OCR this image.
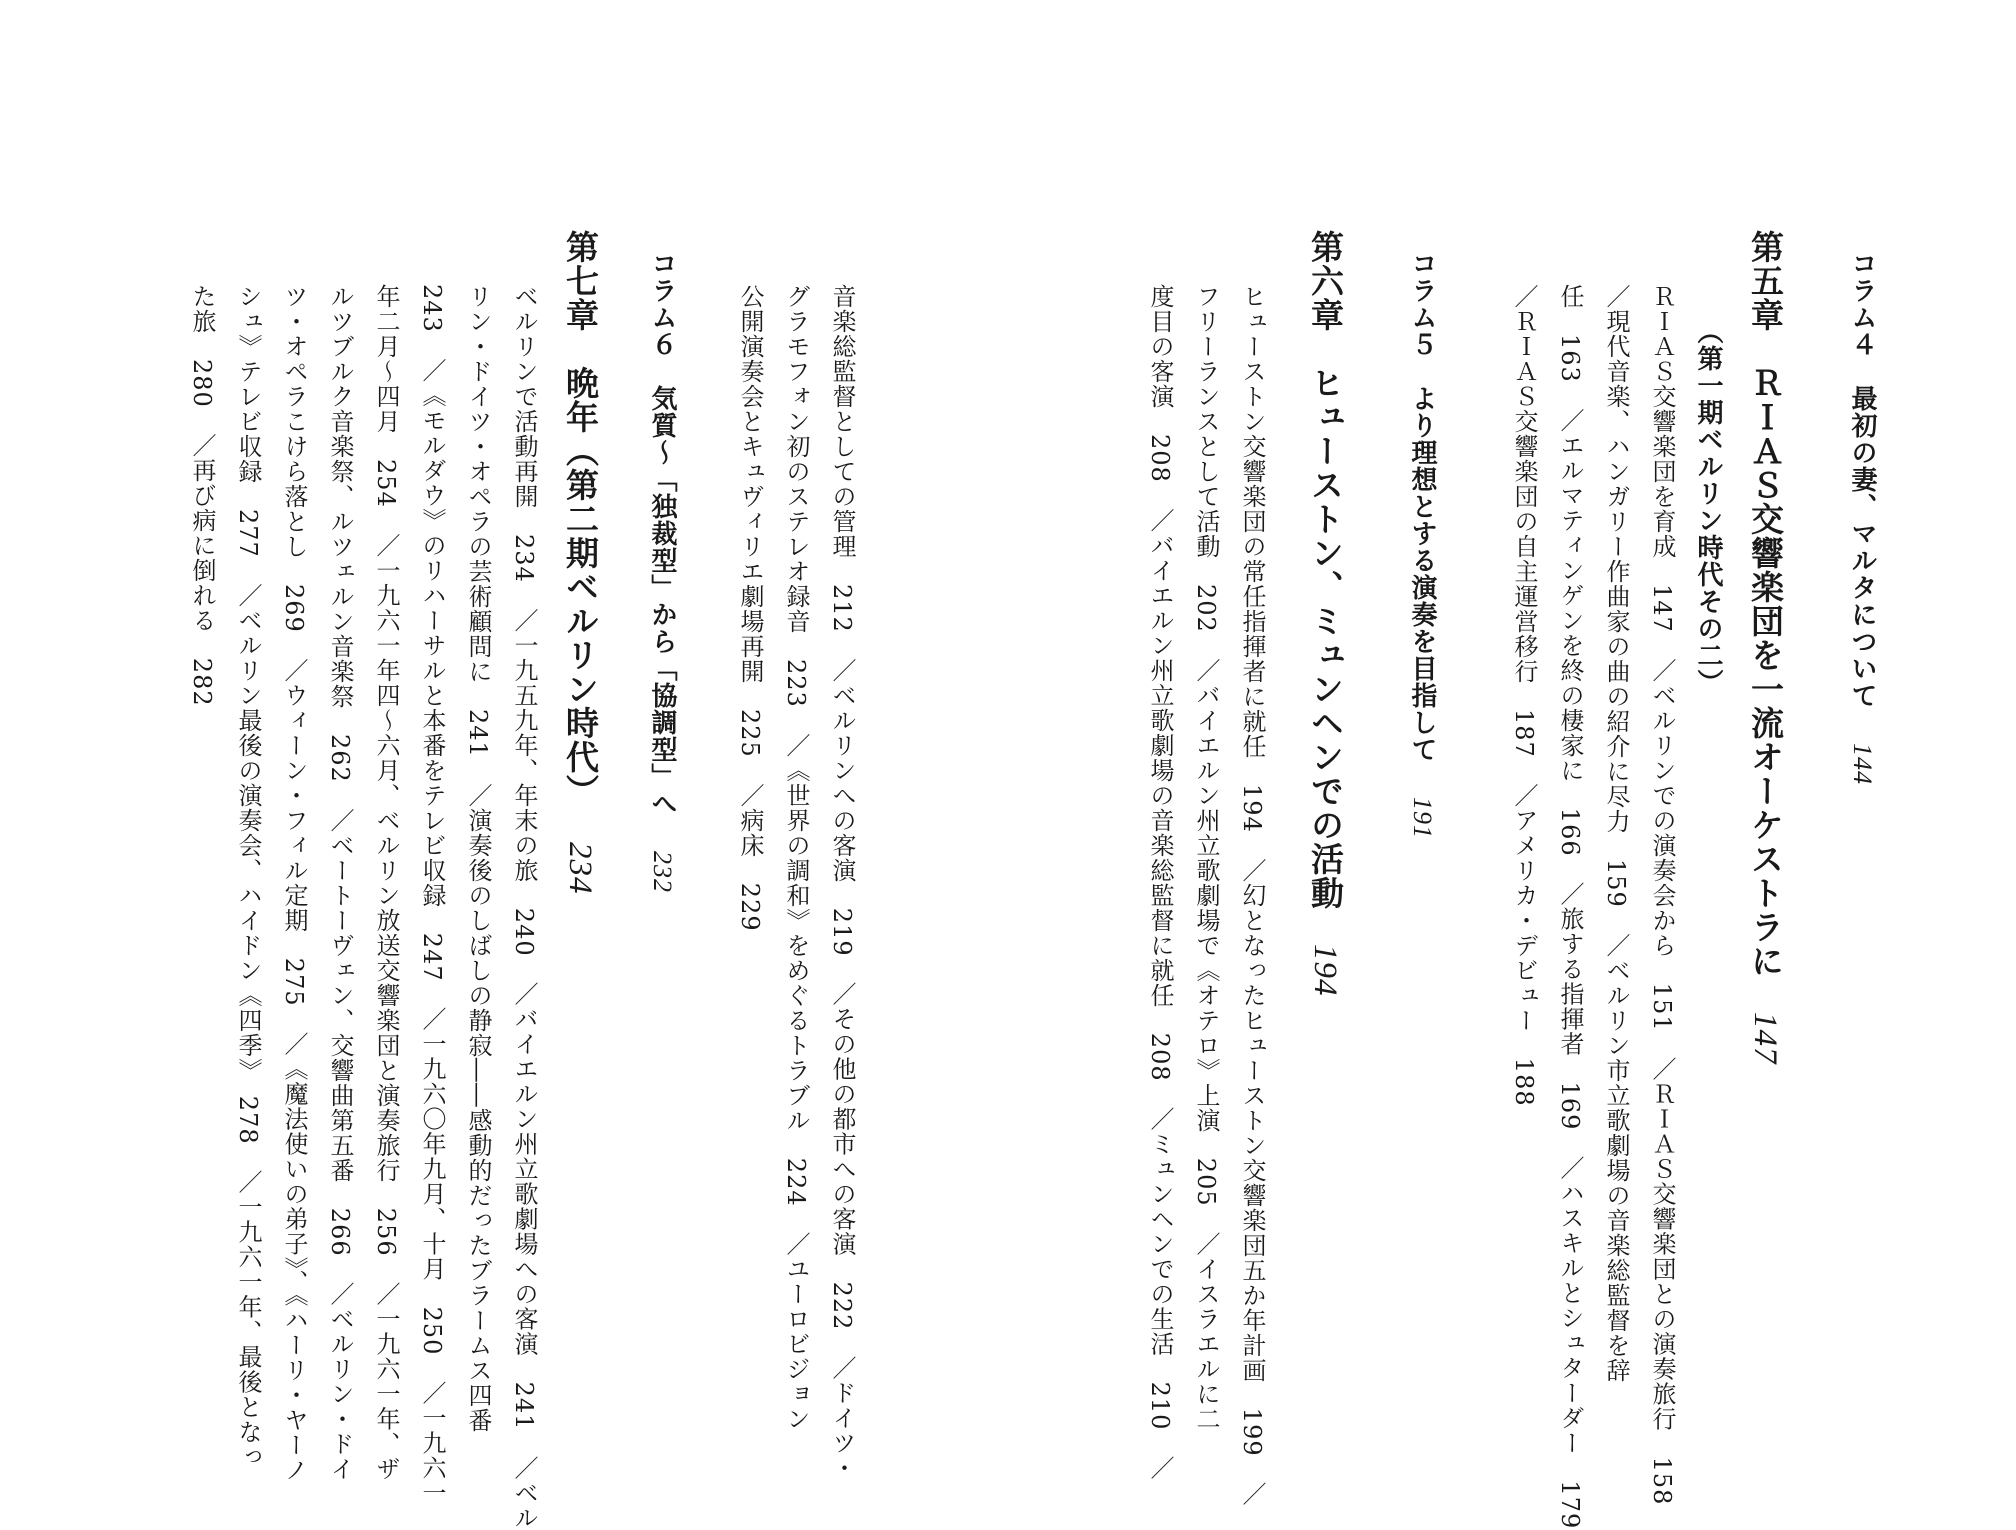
コラム４　最初の妻、マルタについて144
第五章　ＲＩＡＳ交響楽団を一流オーケストラに147
（第一期ベルリン時代その二）
ＲＩＡＳ交響楽団を育成　147　／ベルリンでの演奏会から　151　／ＲＩＡＳ交響楽団との演奏旅行　158
／現代音楽、ハンガリー作曲家の曲の紹介に尽力　159　／ベルリン市立歌劇場の音楽総監督を辞
任　163　／エルマティンゲンを終の棲家に　166　／旅する指揮者　169　／ハスキルとシュターダー　179
／ＲＩＡＳ交響楽団の自主運営移行　187　／アメリカ・デビュー　188
コラム５　より理想とする演奏を目指して191
第六章　ヒューストン、ミュンヘンでの活動194
ヒューストン交響楽団の常任指揮者に就任　194　／幻となったヒューストン交響楽団五か年計画　199　／
フリーランスとして活動　202　／バイエルン州立歌劇場で《オテロ》上演　205　／イスラエルに二
度目の客演　208　／バイエルン州立歌劇場の音楽総監督に就任　208　／ミュンヘンでの生活　210　／
音楽総監督としての管理　212　／ベルリンへの客演　219　／その他の都市への客演　222　／ドイツ・
グラモフォン初のステレオ録音　223　／《世界の調和》をめぐるトラブル　224　／ユーロビジョン
公開演奏会とキュヴィリエ劇場再開　225　／病床　229
コラム６　気質～「独裁型」から「協調型」へ232
第七章　晩年（第二期ベルリン時代）234
ベルリンで活動再開　234　／一九五九年、年末の旅　240　／バイエルン州立歌劇場への客演　241　／ベル
リン・ドイツ・オペラの芸術顧問に　241　／演奏後のしばしの静寂――感動的だったブラームス四番
243　／《モルダウ》のリハーサルと本番をテレビ収録　247　／一九六〇年九月、十月　250　／一九六一
年二月～四月　254　／一九六一年四～六月、ベルリン放送交響楽団と演奏旅行　256　／一九六一年、ザ
ルツブルク音楽祭、ルツェルン音楽祭　262　／ベートーヴェン、交響曲第五番　266　／ベルリン・ドイ
ツ・オペラこけら落とし　269　／ウィーン・フィル定期　275　／《魔法使いの弟子》、《ハーリ・ヤーノ
シュ》テレビ収録　277　／ベルリン最後の演奏会、ハイドン《四季》　278　／一九六一年、最後となっ
た旅　280　／再び病に倒れる　282
